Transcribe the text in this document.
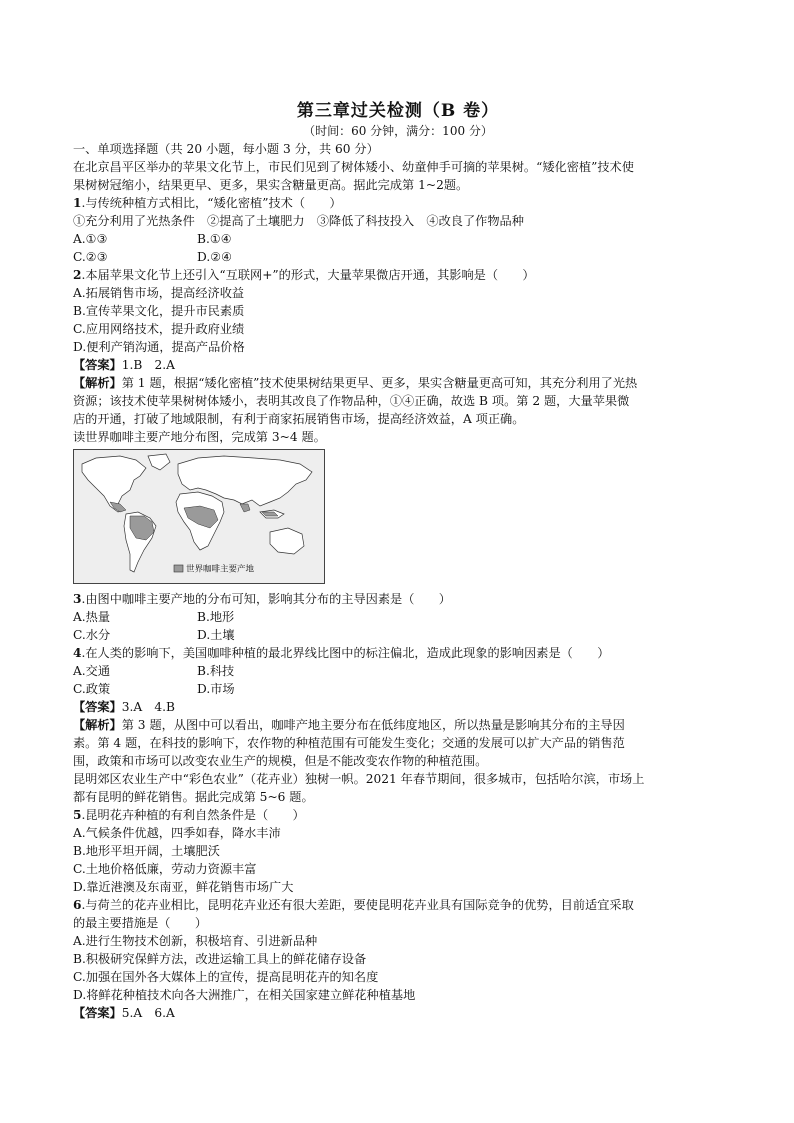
第三章过关检测（B 卷）

（时间：60 分钟，满分：100 分）

一、单项选择题（共 20 小题，每小题 3 分，共 60 分）

在北京昌平区举办的苹果文化节上，市民们见到了树体矮小、幼童伸手可摘的苹果树。“矮化密植”技术使

果树树冠缩小，结果更早、更多，果实含糖量更高。据此完成第 1~2题。

1.与传统种植方式相比，“矮化密植”技术（　　）

①充分利用了光热条件　②提高了土壤肥力　③降低了科技投入　④改良了作物品种

A.①③	B.①④

C.②③	D.②④

2.本届苹果文化节上还引入“互联网+”的形式，大量苹果微店开通，其影响是（　　）

A.拓展销售市场，提高经济收益

B.宣传苹果文化，提升市民素质

C.应用网络技术，提升政府业绩

D.便利产销沟通，提高产品价格

【答案】1.B　2.A

【解析】第 1 题，根据“矮化密植”技术使果树结果更早、更多，果实含糖量更高可知，其充分利用了光热

资源；该技术使苹果树树体矮小，表明其改良了作物品种，①④正确，故选 B 项。第 2 题，大量苹果微

店的开通，打破了地域限制，有利于商家拓展销售市场，提高经济效益，A 项正确。

读世界咖啡主要产地分布图，完成第 3~4 题。

世界咖啡主要产地

3.由图中咖啡主要产地的分布可知，影响其分布的主导因素是（　　）

A.热量	B.地形

C.水分	D.土壤

4.在人类的影响下，美国咖啡种植的最北界线比图中的标注偏北，造成此现象的影响因素是（　　）

A.交通	B.科技

C.政策	D.市场

【答案】3.A　4.B

【解析】第 3 题，从图中可以看出，咖啡产地主要分布在低纬度地区，所以热量是影响其分布的主导因

素。第 4 题，在科技的影响下，农作物的种植范围有可能发生变化；交通的发展可以扩大产品的销售范

围，政策和市场可以改变农业生产的规模，但是不能改变农作物的种植范围。

昆明郊区农业生产中“彩色农业”（花卉业）独树一帜。2021 年春节期间，很多城市，包括哈尔滨，市场上

都有昆明的鲜花销售。据此完成第 5~6 题。

5.昆明花卉种植的有利自然条件是（　　）

A.气候条件优越，四季如春，降水丰沛

B.地形平坦开阔，土壤肥沃

C.土地价格低廉，劳动力资源丰富

D.靠近港澳及东南亚，鲜花销售市场广大

6.与荷兰的花卉业相比，昆明花卉业还有很大差距，要使昆明花卉业具有国际竞争的优势，目前适宜采取

的最主要措施是（　　）

A.进行生物技术创新，积极培育、引进新品种

B.积极研究保鲜方法，改进运输工具上的鲜花储存设备

C.加强在国外各大媒体上的宣传，提高昆明花卉的知名度

D.将鲜花种植技术向各大洲推广，在相关国家建立鲜花种植基地

【答案】5.A　6.A
